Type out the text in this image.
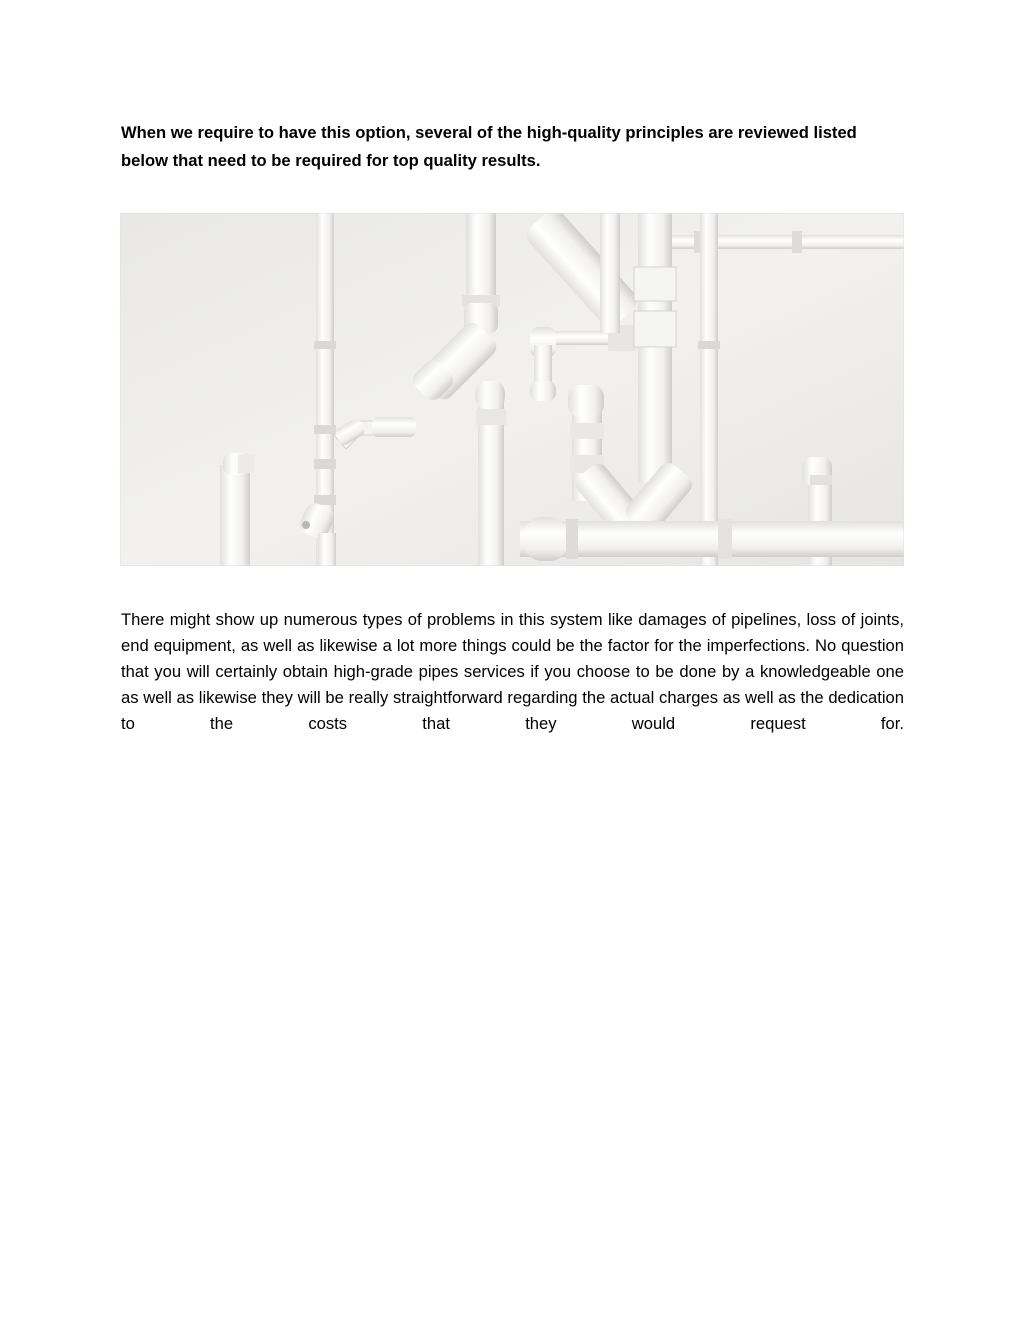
When we require to have this option, several of the high-quality principles are reviewed listed below that need to be required for top quality results.

There might show up numerous types of problems in this system like damages of pipelines, loss of joints, end equipment, as well as likewise a lot more things could be the factor for the imperfections. No question that you will certainly obtain high-grade pipes services if you choose to be done by a knowledgeable one as well as likewise they will be really straightforward regarding the actual charges as well as the dedication to the costs that they would request for.
